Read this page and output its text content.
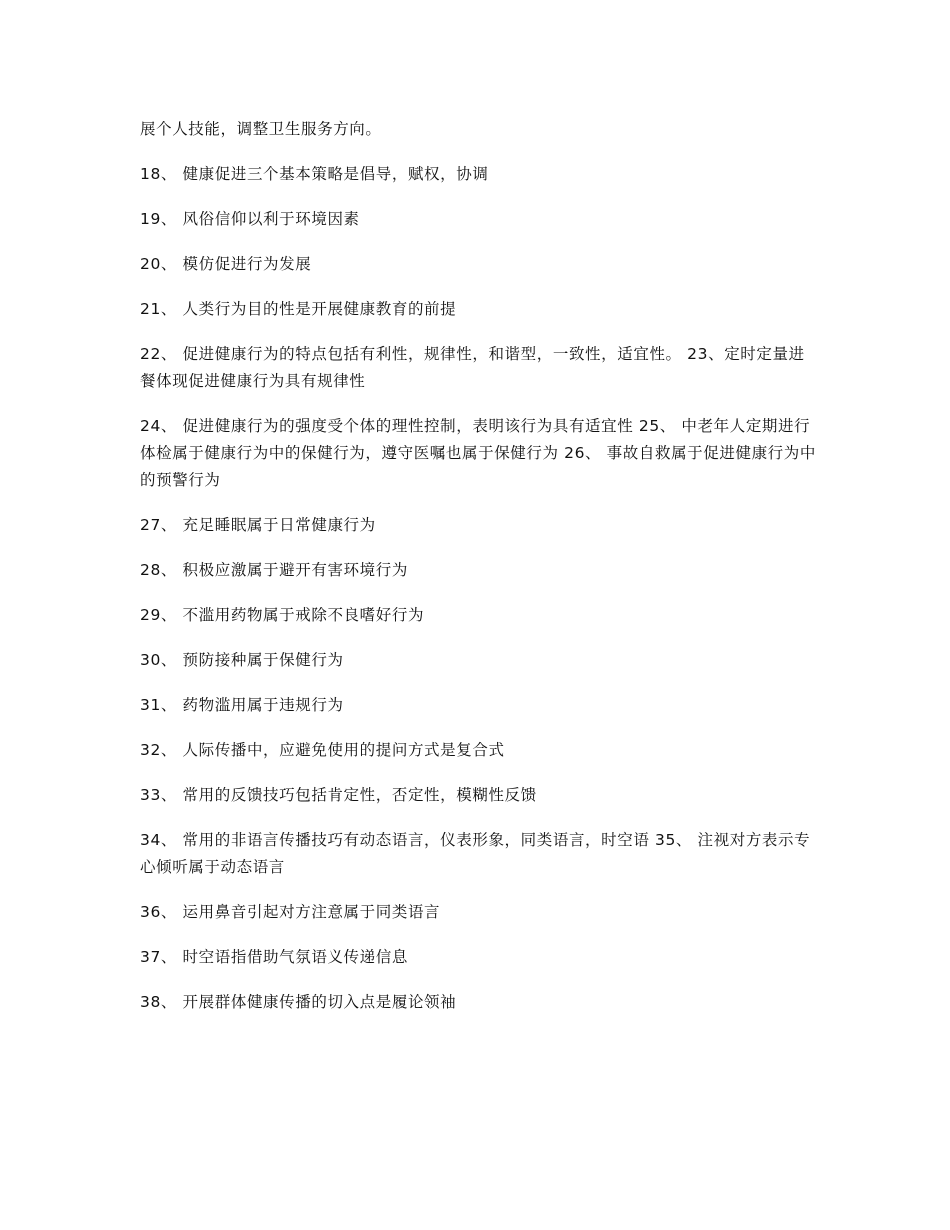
展个人技能，调整卫生服务方向。

18、 健康促进三个基本策略是倡导，赋权，协调

19、 风俗信仰以利于环境因素

20、 模仿促进行为发展

21、 人类行为目的性是开展健康教育的前提

22、 促进健康行为的特点包括有利性，规律性，和谐型，一致性，适宜性。 23、定时定量进餐体现促进健康行为具有规律性

24、 促进健康行为的强度受个体的理性控制，表明该行为具有适宜性 25、 中老年人定期进行体检属于健康行为中的保健行为，遵守医嘱也属于保健行为 26、 事故自救属于促进健康行为中的预警行为

27、 充足睡眠属于日常健康行为

28、 积极应激属于避开有害环境行为

29、 不滥用药物属于戒除不良嗜好行为

30、 预防接种属于保健行为

31、 药物滥用属于违规行为

32、 人际传播中，应避免使用的提问方式是复合式

33、 常用的反馈技巧包括肯定性，否定性，模糊性反馈

34、 常用的非语言传播技巧有动态语言，仪表形象，同类语言，时空语 35、 注视对方表示专心倾听属于动态语言

36、 运用鼻音引起对方注意属于同类语言

37、 时空语指借助气氛语义传递信息

38、 开展群体健康传播的切入点是履论领袖
